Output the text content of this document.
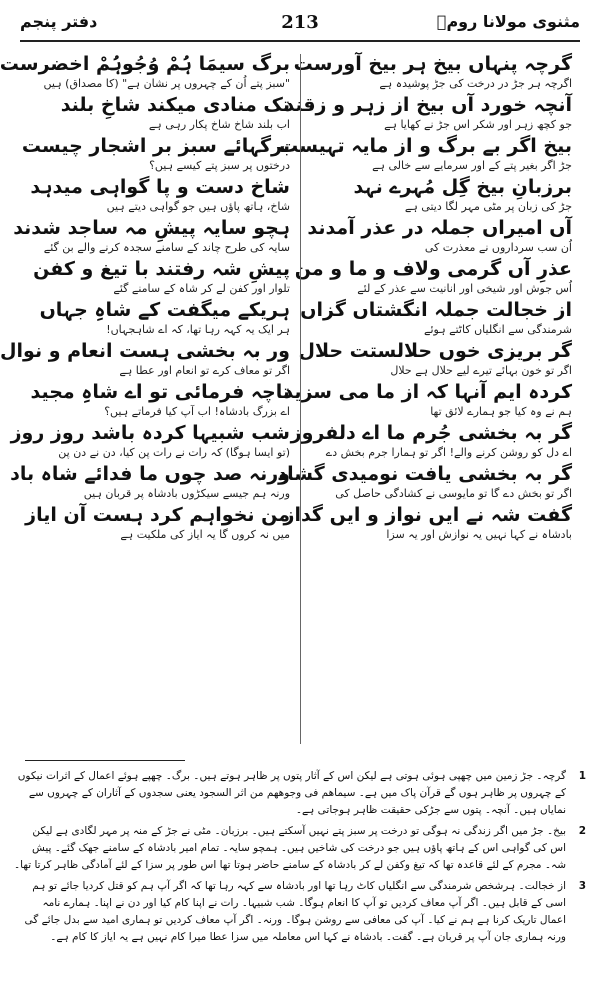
مثنوی مولانا رومؒ
213
دفتر پنجم
گرچہ پنہاں بیخ ہر بیخ آورست
اگرچہ ہر جڑ در درخت کی جڑ پوشیدہ ہے
آنچہ خورد آں بیخ از زہر و زقند
جو کچھ زہر اور شکر اس جڑ نے کھایا ہے
بیخ اگر بے برگ و از مایہ تہیست
جڑ اگر بغیر پتے کے اور سرمایے سے خالی ہے
برزبانِ بیخ گِل مُہرے نہد
جڑ کی زبان پر مٹی مہر لگا دیتی ہے
آں امیراں جملہ در عذر آمدند
اُن سب سرداروں نے معذرت کی
عذرِ آں گرمی ولاف و ما و من
اُس جوش اور شیخی اور انانیت سے عذر کے لئے
از خجالت جملہ انگشتاں گزاں
شرمندگی سے انگلیاں کاٹتے ہوئے
گر بریزی خوں حلالستت حلال
اگر تو خون بہائے تیرے لیے حلال ہے حلال
کردہ ایم آنہا کہ از ما می سزید
ہم نے وہ کیا جو ہمارے لائق تھا
گر بہ بخشی جُرم ما اے دلفروز
اے دل کو روشن کرنے والے! اگر تو ہمارا جرم بخش دے
گر بہ بخشی یافت نومیدی گشاد
اگر تو بخش دے گا تو مایوسی نے کشادگی حاصل کی
گفت شہ نے ایں نواز و ایں گداز
بادشاہ نے کہا نہیں یہ نوازش اور یہ سزا
برگ سیمَا ہُمْ وُجُوہُمْ اخضرست
"سبز پتے اُن کے چہروں پر نشان ہے" (کا مصداق) ہیں
تک منادی میکند شاخِ بلند
اب بلند شاخ شاخ پکار رہی ہے
برگہائے سبز بر اشجار چیست
درختوں پر سبز پتے کیسے ہیں؟
شاخ دست و پا گواہی میدہد
شاخ، ہاتھ پاؤں ہیں جو گواہی دیتے ہیں
ہچو سایہ پیشِ مہ ساجد شدند
سایہ کی طرح چاند کے سامنے سجدہ کرنے والے بن گئے
پیشِ شہ رفتند با تیغ و کفن
تلوار اور کفن لے کر شاہ کے سامنے گئے
ہریکے میگفت کے شاہِ جہاں
ہر ایک یہ کہہ رہا تھا، کہ اے شاہجہاں!
ور بہ بخشی ہست انعام و نوال
اگر تو معاف کرے تو انعام اور عطا ہے
تاچہ فرمائی تو اے شاہِ مجید
اے بزرگ بادشاہ! اب آپ کیا فرماتے ہیں؟
شب شبیہا کردہ باشد روز روز
(تو ایسا ہوگا) کہ رات نے رات پن کیا، دن نے دن پن
ورنہ صد چوں ما فدائے شاہ باد
ورنہ ہم جیسے سیکڑوں بادشاہ پر قربان ہیں
من نخواہم کرد ہست آن ایاز
میں نہ کروں گا یہ ایاز کی ملکیت ہے
1
گرچہ۔ جڑ زمین میں چھپی ہوئی ہوتی ہے لیکن اس کے آثار پتوں پر ظاہر ہوتے ہیں۔ برگ۔ چھپے ہوئے اعمال کے اثرات نیکوں کے چہروں پر ظاہر ہوں گے قرآن پاک میں ہے۔ سیماھم فی وجوھھم من اثر السجود یعنی سجدوں کے آثاران کے چہروں سے نمایاں ہیں۔ آنچہ۔ پتوں سے جڑکی حقیقت ظاہر ہوجاتی ہے۔
2
بیخ۔ جڑ میں اگر زندگی نہ ہوگی تو درخت پر سبز پتے نہیں آسکتے ہیں۔ برزبان۔ مٹی نے جڑ کے منہ پر مہر لگادی ہے لیکن اس کی گواہی اس کے ہاتھ پاؤں ہیں جو درخت کی شاخیں ہیں۔ ہمچو سایہ۔ تمام امیر بادشاہ کے سامنے جھک گئے۔ پیش شہ۔ مجرم کے لئے قاعدہ تھا کہ تیغ وکفن لے کر بادشاہ کے سامنے حاضر ہوتا تھا اس طور پر سزا کے لئے آمادگی ظاہر کرتا تھا۔
3
از خجالت۔ ہرشخص شرمندگی سے انگلیاں کاٹ رہا تھا اور بادشاہ سے کہہ رہا تھا کہ اگر آپ ہم کو قتل کردیا جائے تو ہم اسی کے قابل ہیں۔ اگر آپ معاف کردیں تو آپ کا انعام ہوگا۔ شب شبیہا۔ رات نے اپنا کام کیا اور دن نے اپنا۔ ہمارے نامہ اعمال تاریک کرنا ہے ہم نے کیا۔ آپ کی معافی سے روشن ہوگا۔ ورنہ۔ اگر آپ معاف کردیں تو ہماری امید سے بدل جائے گی ورنہ ہماری جان آپ پر قربان ہے۔ گفت۔ بادشاہ نے کہا اس معاملہ میں سزا عطا میرا کام نہیں ہے یہ ایاز کا کام ہے۔
